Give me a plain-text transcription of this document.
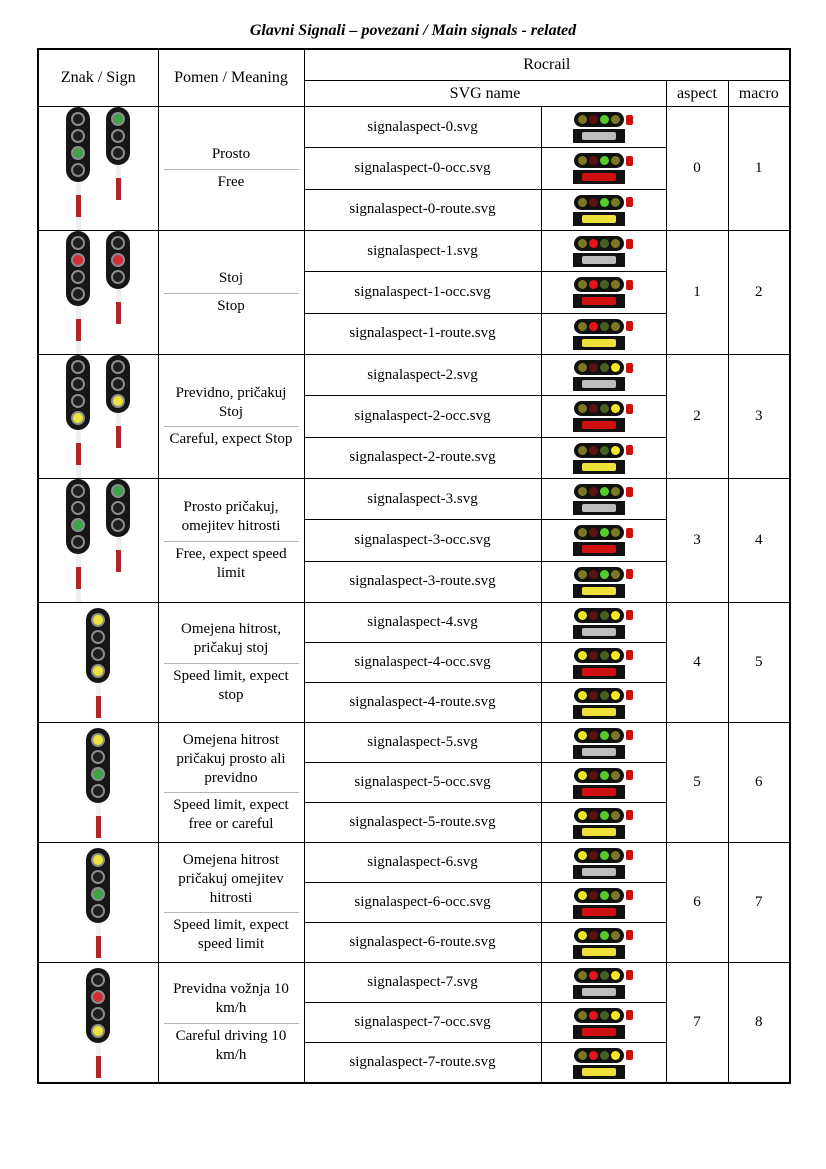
Glavni Signali – povezani / Main signals - related
Znak / Sign	Pomen / Meaning	Rocrail			
		SVG name		aspect	macro

	Prosto
Free	signalaspect-0.svg		0	1
		signalaspect-0-occ.svg			

		signalaspect-0-route.svg			

	Stoj
Stop	signalaspect-1.svg		1	2
		signalaspect-1-occ.svg			

		signalaspect-1-route.svg			

	Previdno, pričakuj Stoj
Careful, expect Stop	signalaspect-2.svg		2	3
		signalaspect-2-occ.svg			

		signalaspect-2-route.svg			

	Prosto pričakuj, omejitev hitrosti
Free, expect speed limit	signalaspect-3.svg		3	4
		signalaspect-3-occ.svg			

		signalaspect-3-route.svg			

	Omejena hitrost, pričakuj stoj
Speed limit, expect stop	signalaspect-4.svg		4	5
		signalaspect-4-occ.svg			

		signalaspect-4-route.svg			

	Omejena hitrost pričakuj prosto ali previdno
Speed limit, expect free or careful	signalaspect-5.svg		5	6
		signalaspect-5-occ.svg			

		signalaspect-5-route.svg			

	Omejena hitrost pričakuj omejitev hitrosti
Speed limit, expect speed limit	signalaspect-6.svg		6	7
		signalaspect-6-occ.svg			

		signalaspect-6-route.svg			

	Previdna vožnja 10 km/h
Careful driving 10 km/h	signalaspect-7.svg		7	8
		signalaspect-7-occ.svg			

		signalaspect-7-route.svg			
